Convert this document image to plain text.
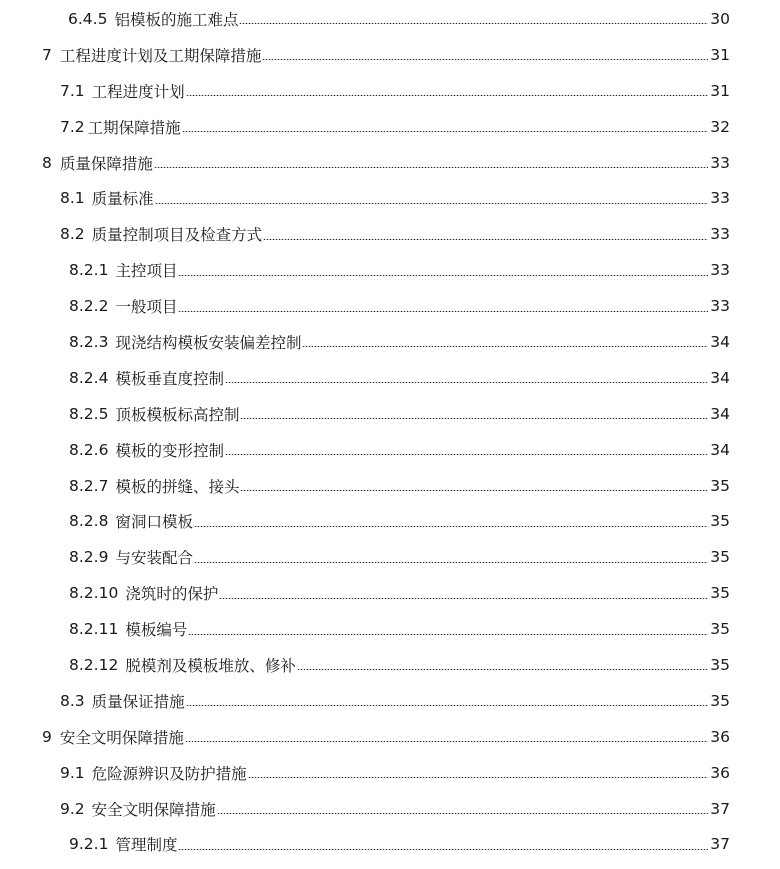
6.4.5 铝模板的施工难点	30
7 工程进度计划及工期保障措施	31
7.1 工程进度计划	31
7.2 工期保障措施	32
8 质量保障措施	33
8.1 质量标准	33
8.2 质量控制项目及检查方式	33
8.2.1 主控项目	33
8.2.2 一般项目	33
8.2.3 现浇结构模板安装偏差控制	34
8.2.4 模板垂直度控制	34
8.2.5 顶板模板标高控制	34
8.2.6 模板的变形控制	34
8.2.7 模板的拼缝、接头	35
8.2.8 窗洞口模板	35
8.2.9 与安装配合	35
8.2.10 浇筑时的保护	35
8.2.11 模板编号	35
8.2.12 脱模剂及模板堆放、修补	35
8.3 质量保证措施	35
9 安全文明保障措施	36
9.1 危险源辨识及防护措施	36
9.2 安全文明保障措施	37
9.2.1 管理制度	37
